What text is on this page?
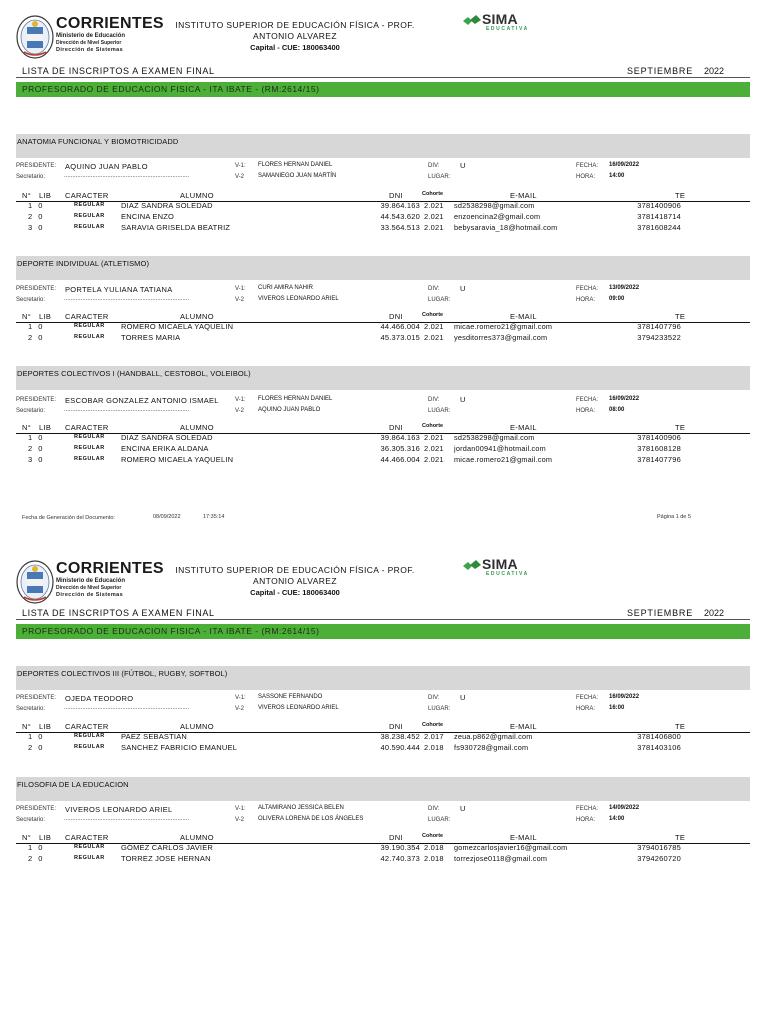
CORRIENTES
Ministerio de Educación
Dirección de Nivel Superior
Dirección de Sistemas
INSTITUTO SUPERIOR DE EDUCACIÓN FÍSICA - PROF.
ANTONIO ALVAREZ
Capital - CUE: 180063400
SIMA
EDUCATIVA
LISTA DE INSCRIPTOS A EXAMEN FINAL	SEPTIEMBRE 2022
PROFESORADO DE EDUCACION FISICA - ITA IBATE - (RM:2614/15)
ANATOMIA FUNCIONAL Y BIOMOTRICIDADD
PRESIDENTE: AQUINO JUAN PABLO
Secretario:	...........................................................................
V-1: FLORES HERNAN DANIEL
V-2 SAMANIEGO JUAN MARTÍN
DIV:	U
LUGAR:
FECHA: 16/09/2022
HORA: 14:00
N° LIB CARACTER	ALUMNO	DNI	Cohorte	E-MAIL	TE
1 0	REGULAR DIAZ SANDRA SOLEDAD	39.864.163 2.021 sd2538298@gmail.com	3781400906
2 0	REGULAR ENCINA ENZO	44.543.620 2.021 enzoencina2@gmail.com	3781418714
3 0	REGULAR SARAVIA GRISELDA BEATRIZ	33.564.513 2.021 bebysaravia_18@hotmail.com	3781608244
DEPORTE INDIVIDUAL (ATLETISMO)
PRESIDENTE: PORTELA YULIANA TATIANA
Secretario:	...........................................................................
V-1: CURI AMIRA NAHIR
V-2 VIVEROS LEONARDO ARIEL
DIV:	U
LUGAR:
FECHA: 13/09/2022
HORA: 09:00
N° LIB CARACTER	ALUMNO	DNI	Cohorte	E-MAIL	TE
1 0	REGULAR ROMERO MICAELA YAQUELIN	44.466.004 2.021 micae.romero21@gmail.com	3781407796
2 0	REGULAR TORRES MARIA	45.373.015 2.021 yesditorres373@gmail.com	3794233522
DEPORTES COLECTIVOS I (HANDBALL, CESTOBOL, VOLEIBOL)
PRESIDENTE: ESCOBAR GONZALEZ ANTONIO ISMAEL
Secretario:	...........................................................................
V-1: FLORES HERNAN DANIEL
V-2 AQUINO JUAN PABLO
DIV:	U
LUGAR:
FECHA: 16/09/2022
HORA: 08:00
N° LIB CARACTER	ALUMNO	DNI	Cohorte	E-MAIL	TE
1 0	REGULAR DIAZ SANDRA SOLEDAD	39.864.163 2.021 sd2538298@gmail.com	3781400906
2 0	REGULAR ENCINA ERIKA ALDANA	36.305.316 2.021 jordan00941@hotmail.com	3781608128
3 0	REGULAR ROMERO MICAELA YAQUELIN	44.466.004 2.021 micae.romero21@gmail.com	3781407796
Fecha de Generación del Documento:	08/09/2022	17:35:14	Página 1 de 5
CORRIENTES
Ministerio de Educación
Dirección de Nivel Superior
Dirección de Sistemas
INSTITUTO SUPERIOR DE EDUCACIÓN FÍSICA - PROF.
ANTONIO ALVAREZ
Capital - CUE: 180063400
SIMA
EDUCATIVA
LISTA DE INSCRIPTOS A EXAMEN FINAL	SEPTIEMBRE 2022
PROFESORADO DE EDUCACION FISICA - ITA IBATE - (RM:2614/15)
DEPORTES COLECTIVOS III (FÚTBOL, RUGBY, SOFTBOL)
PRESIDENTE: OJEDA TEODORO
Secretario:	...........................................................................
V-1: SASSONE FERNANDO
V-2 VIVEROS LEONARDO ARIEL
DIV:	U
LUGAR:
FECHA: 16/09/2022
HORA: 16:00
N° LIB CARACTER	ALUMNO	DNI	Cohorte	E-MAIL	TE
1 0	REGULAR PAEZ SEBASTIAN	38.238.452 2.017 zeua.p862@gmail.com	3781406800
2 0	REGULAR SANCHEZ FABRICIO EMANUEL	40.590.444 2.018 fs930728@gmail.com	3781403106
FILOSOFIA DE LA EDUCACION
PRESIDENTE: VIVEROS LEONARDO ARIEL
Secretario:	...........................................................................
V-1: ALTAMIRANO JESSICA BELEN
V-2 OLIVERA LORENA DE LOS ÁNGELES
DIV:	U
LUGAR:
FECHA: 14/09/2022
HORA: 14:00
N° LIB CARACTER	ALUMNO	DNI	Cohorte	E-MAIL	TE
1 0	REGULAR GÓMEZ CARLOS JAVIER	39.190.354 2.018 gomezcarlosjavier16@gmail.com	3794016785
2 0	REGULAR TORREZ JOSE HERNAN	42.740.373 2.018 torrezjose0118@gmail.com	3794260720
